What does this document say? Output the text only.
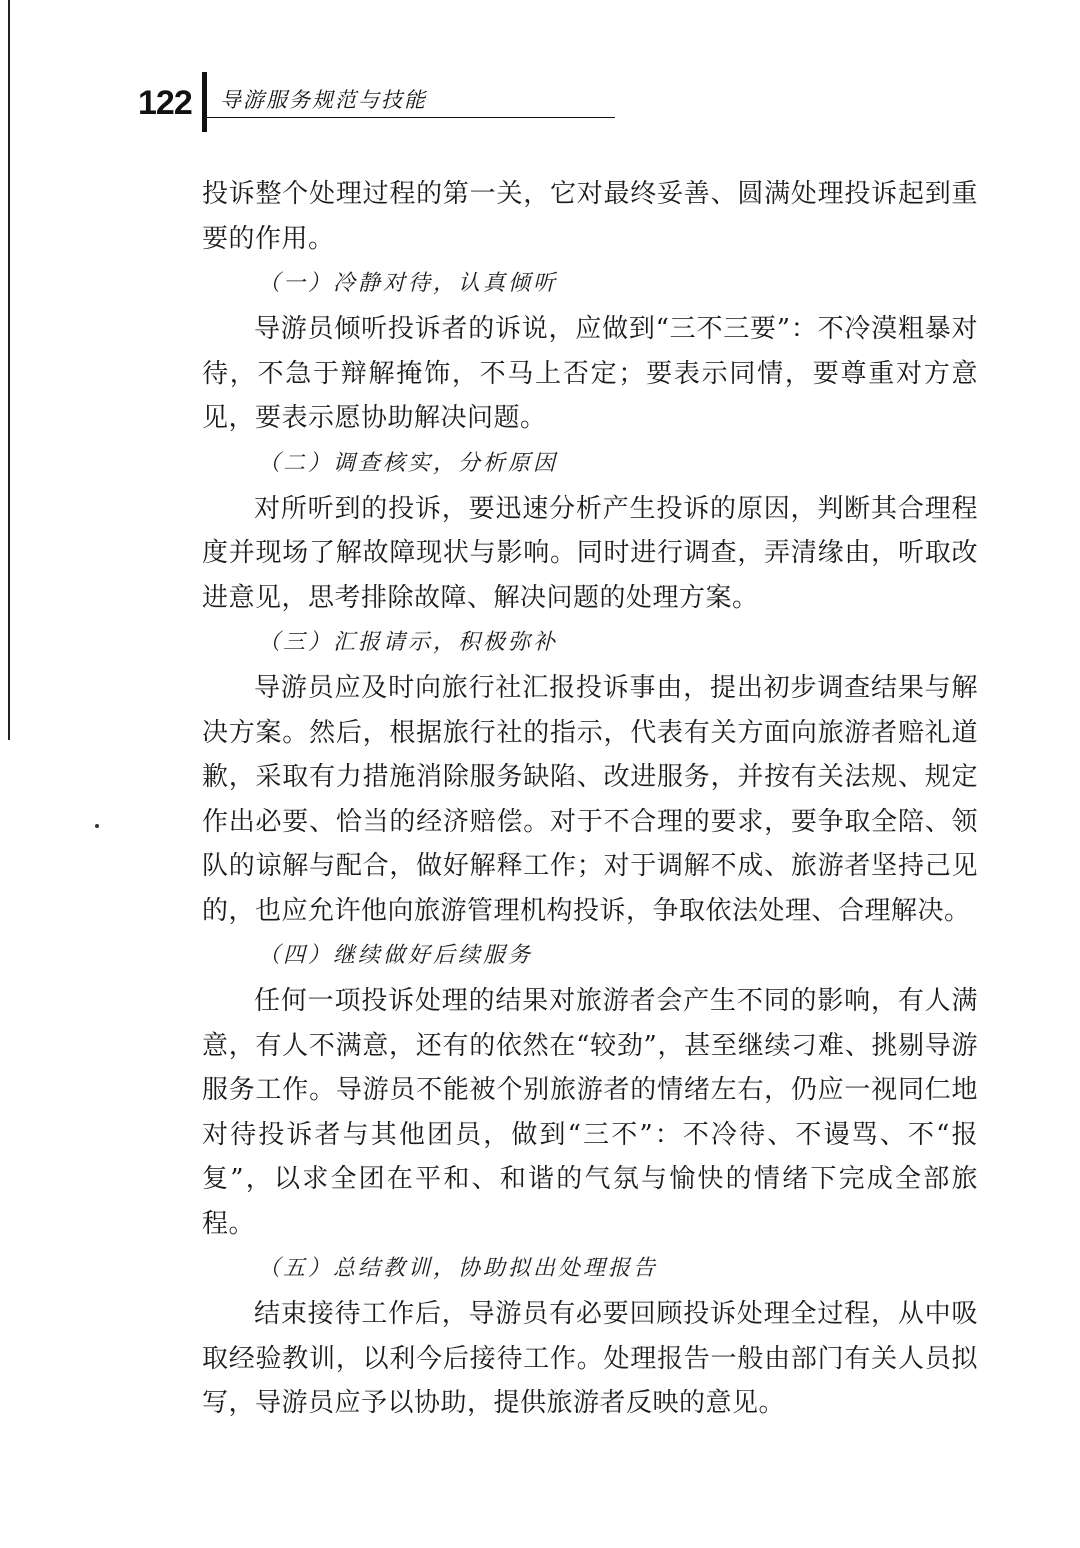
122 导游服务规范与技能

投诉整个处理过程的第一关，它对最终妥善、圆满处理投诉起到重要的作用。

（一）冷静对待，认真倾听

导游员倾听投诉者的诉说，应做到“三不三要”：不冷漠粗暴对待，不急于辩解掩饰，不马上否定；要表示同情，要尊重对方意见，要表示愿协助解决问题。

（二）调查核实，分析原因

对所听到的投诉，要迅速分析产生投诉的原因，判断其合理程度并现场了解故障现状与影响。同时进行调查，弄清缘由，听取改进意见，思考排除故障、解决问题的处理方案。

（三）汇报请示，积极弥补

导游员应及时向旅行社汇报投诉事由，提出初步调查结果与解决方案。然后，根据旅行社的指示，代表有关方面向旅游者赔礼道歉，采取有力措施消除服务缺陷、改进服务，并按有关法规、规定作出必要、恰当的经济赔偿。对于不合理的要求，要争取全陪、领队的谅解与配合，做好解释工作；对于调解不成、旅游者坚持己见的，也应允许他向旅游管理机构投诉，争取依法处理、合理解决。

（四）继续做好后续服务

任何一项投诉处理的结果对旅游者会产生不同的影响，有人满意，有人不满意，还有的依然在“较劲”，甚至继续刁难、挑剔导游服务工作。导游员不能被个别旅游者的情绪左右，仍应一视同仁地对待投诉者与其他团员，做到“三不”：不冷待、不谩骂、不“报复”，以求全团在平和、和谐的气氛与愉快的情绪下完成全部旅程。

（五）总结教训，协助拟出处理报告

结束接待工作后，导游员有必要回顾投诉处理全过程，从中吸取经验教训，以利今后接待工作。处理报告一般由部门有关人员拟写，导游员应予以协助，提供旅游者反映的意见。
